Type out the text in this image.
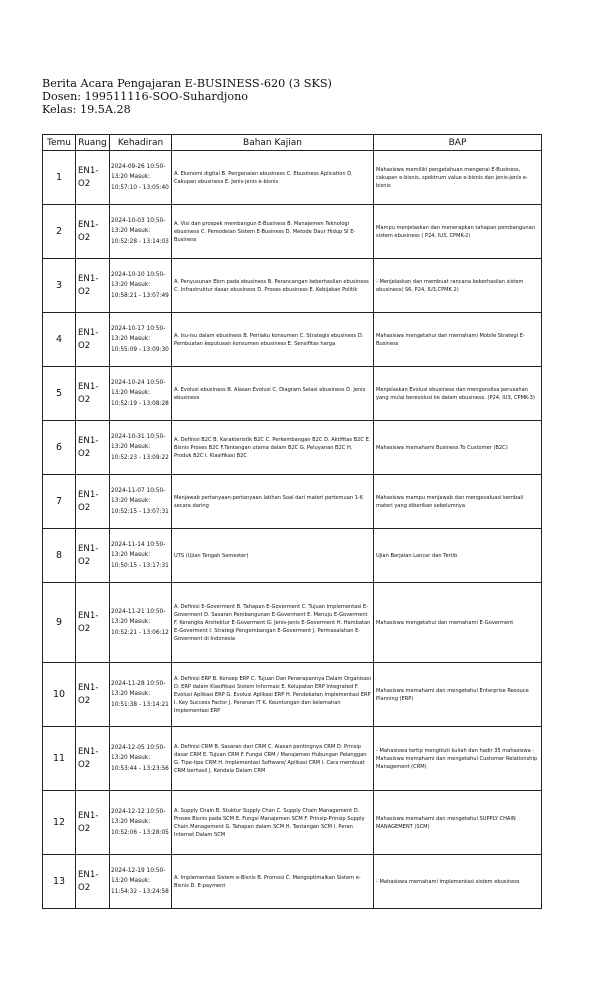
Berita Acara Pengajaran E-BUSINESS-620 (3 SKS)
Dosen: 199511116-SOO-Suhardjono
Kelas: 19.5A.28
Temu	Ruang	Kehadiran	Bahan Kajian	BAP
1	EN1-O2	2024-09-26 10:50-13:20 Masuk: 10:57:10 - 13:05:40	A. Ekonomi digital B. Pengenalan ebusiness C. Ebusiness Aplication D. Cakupan ebusiness E. Jenis-jenis e-bisnis	Mahasiswa memiliki pengetahuan mengenai E-Business, cakupan e-bisnis, spektrum value e-bisnis dan jenis-jenis e-bisnis
2	EN1-O2	2024-10-03 10:50-13:20 Masuk: 10:52:28 - 13:14:03	A. Visi dan prospek membangun E-Business B. Manajemen Teknologi ebusiness C. Pemodelan Sistem E-Business D. Metode Daur Hidup SI E-Business	Mampu menjelaskan dan menerapkan tahapan pembangunan sistem ebusiness ( P24, IU3, CPMK-2)
3	EN1-O2	2024-10-10 10:50-13:20 Masuk: 10:58:21 - 13:07:49	A. Penyusunan Ebrn pada ebusiness B. Perancangan keberhasilan ebusiness C. Infrastruktur dasar ebusiness D. Proses ebusiness E. Kebijakan Politik	- Menjelaskan dan membuat rancana keberhasilan sistem ebusiness( S6, P24, IU3,CPMK 2)
4	EN1-O2	2024-10-17 10:50-13:20 Masuk: 10:55:09 - 13:09:30	A. Isu-isu dalam ebusiness B. Perilaku konsumen C. Strategis ebusiness D. Pembuatan keputusan konsumen ebusiness E. Sensifitas harga	Mahasiswa mengetahui dan memahami Mobile Strategi E-Business
5	EN1-O2	2024-10-24 10:50-13:20 Masuk: 10:52:19 - 13:08:28	A. Evolusi ebusiness B. Alasan Evolusi C. Diagram Selasi ebusiness D. Jenis ebusiness	Menjelaskan Evolusi ebusiness dan mengonsilsa perusahan yang mulai berevolusi ke dalam ebusiness. (P24, IU3, CPMK-3)
6	EN1-O2	2024-10-31 10:50-13:20 Masuk: 10:52:23 - 13:09:22	A. Definisi B2C B. Karakteristik B2C C. Perkembangan B2C D. Aktifitas B2C E. Bisnis Proses B2C F.Tantangan utama dalam B2C G. Peluyanan B2C H. Produk B2C I. Klasifikasi B2C	Mahasiswa memahami Business To Customer (B2C)
7	EN1-O2	2024-11-07 10:50-13:20 Masuk: 10:52:15 - 13:07:31	Menjawab pertanyaan-pertanyaan latihan Soal dari materi pertemuan 1-6 secara daring	Mahasiswa mampu menjawab dan mengevaluasi kembali materi yang diberikan sebelumnya
8	EN1-O2	2024-11-14 10:50-13:20 Masuk: 10:50:15 - 13:17:31	UTS (Ujian Tengah Semester)	Ujian Berjalan Lancar dan Tertib
9	EN1-O2	2024-11-21 10:50-13:20 Masuk: 10:52:21 - 13:06:12	A. Definisi E-Goverment B. Tahapan E-Goverment C. Tujuan Implementasi E-Goverment D. Sasaran Pembangunan E-Goverment E. Menuju E-Goverment F. Kerangka Arsitektur E-Goverment G. Jenis-jenis E-Goverment H. Hambatan E-Goverment I. Strategi Pengembangan E-Goverment J. Permasalahan E-Goverment di Indonesia	Mahasiswa mengetahui dan memahami E-Goverment
10	EN1-O2	2024-11-28 10:50-13:20 Masuk: 10:51:38 - 13:14:21	A. Definisi ERP B. Konsep ERP C. Tujuan Dan Penerapannya Dalam Organisasi D. ERP dalam Klasifikasi Sistem Informasi E. Kelupatan ERP Integrated F. Evolusi Aplikasi ERP G. Evolusi Aplikasi ERP H. Pendekatan Implementasi ERP I. Key Success Factor J. Peranan IT K. Keuntungan dan kelemahan Implementasi ERP	Mahasiswa memahami dan mengetahui Enterprise Resouce Planning (ERP)
11	EN1-O2	2024-12-05 10:50-13:20 Masuk: 10:53:44 - 13:23:56	A. Definisi CRM B. Sasaran dari CRM C. Alasan pentingnya CRM D. Prinsip dasar CRM E. Tujuan CRM F. Fungsi CRM / Manajemen Hubungan Pelanggan G. Tipe-tipe CRM H. Implementasi Software/ Aplikasi CRM I. Cara membuat CRM berhasil J. Kendala Dalam CRM	- Mahasiswa tertip mengikuti kuliah dan hadir 35 mahasiswa - Mahasiswa memahami dan mengetahui Customer Relationship Management (CRM)
12	EN1-O2	2024-12-12 10:50-13:20 Masuk: 10:52:06 - 13:28:05	A. Supply Chain B. Stuktur Supply Chan C. Supply Chain Management D. Proses Bisnis pada SCM E. Fungsi Manajemen SCM F. Prinsip-Prinsip Supply Chain Management G. Tahapan dalam SCM H. Tantangan SCM I. Peran Internet Dalam SCM	Mahasiswa memahami dan mengetahui SUPPLY CHAIN MANAGEMENT (SCM)
13	EN1-O2	2024-12-19 10:50-13:20 Masuk: 11:54:32 - 13:24:58	A. Implementasi Sistem e-Bisnis B. Promosi C. Mengoptimalkan Sistem e-Bisnis D. E-payment	- Mahasiswa memahami implementasi sistem ebusiness
